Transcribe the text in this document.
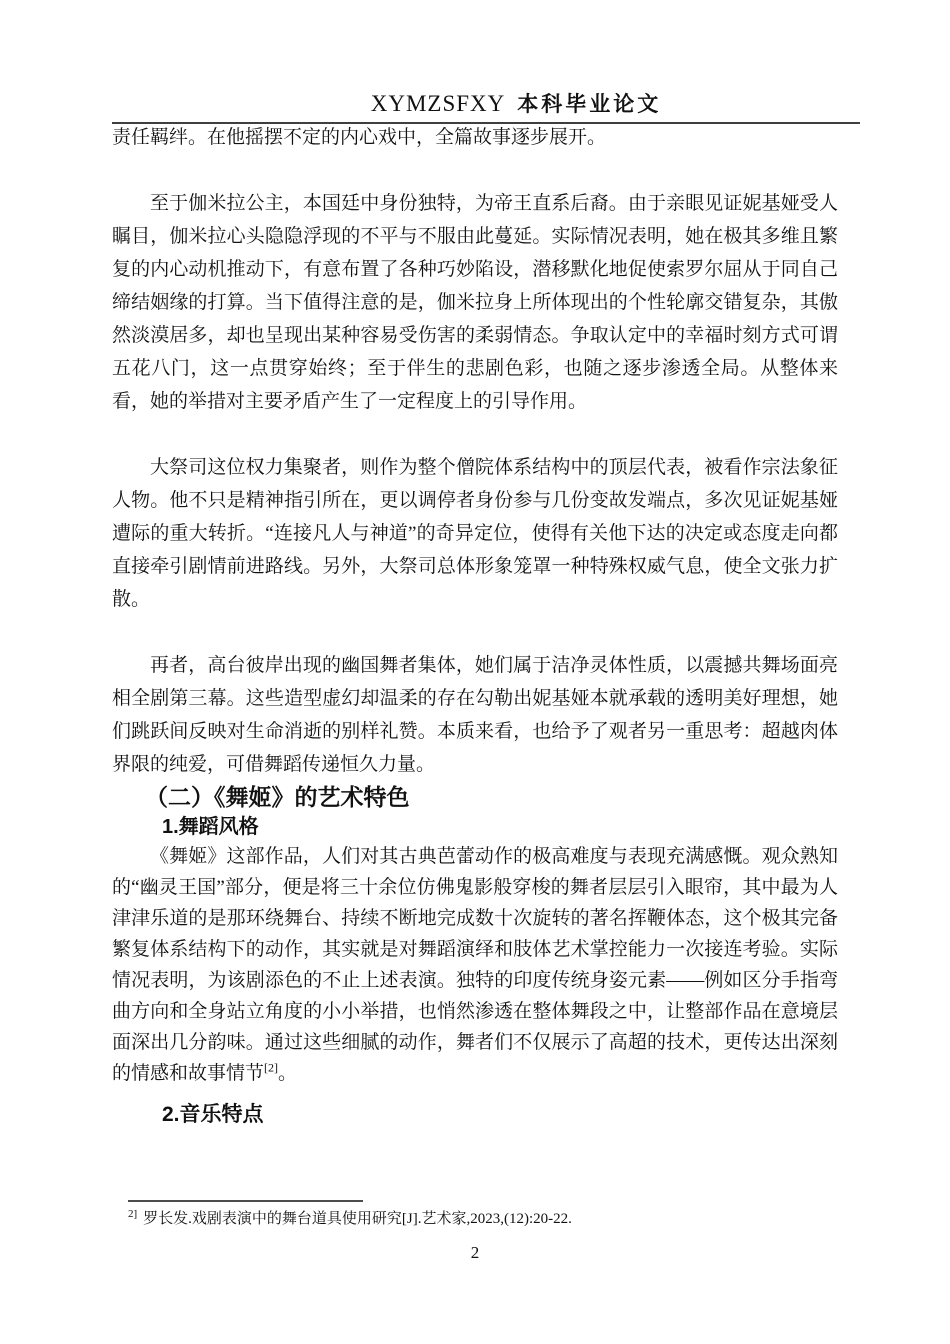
XYMZSFXY 本科毕业论文

责任羁绊。在他摇摆不定的内心戏中，全篇故事逐步展开。

至于伽米拉公主，本国廷中身份独特，为帝王直系后裔。由于亲眼见证妮基娅受人瞩目，伽米拉心头隐隐浮现的不平与不服由此蔓延。实际情况表明，她在极其多维且繁复的内心动机推动下，有意布置了各种巧妙陷设，潜移默化地促使索罗尔屈从于同自己缔结姻缘的打算。当下值得注意的是，伽米拉身上所体现出的个性轮廓交错复杂，其傲然淡漠居多，却也呈现出某种容易受伤害的柔弱情态。争取认定中的幸福时刻方式可谓五花八门，这一点贯穿始终；至于伴生的悲剧色彩，也随之逐步渗透全局。从整体来看，她的举措对主要矛盾产生了一定程度上的引导作用。

大祭司这位权力集聚者，则作为整个僧院体系结构中的顶层代表，被看作宗法象征人物。他不只是精神指引所在，更以调停者身份参与几份变故发端点，多次见证妮基娅遭际的重大转折。“连接凡人与神道”的奇异定位，使得有关他下达的决定或态度走向都直接牵引剧情前进路线。另外，大祭司总体形象笼罩一种特殊权威气息，使全文张力扩散。

再者，高台彼岸出现的幽国舞者集体，她们属于洁净灵体性质，以震撼共舞场面亮相全剧第三幕。这些造型虚幻却温柔的存在勾勒出妮基娅本就承载的透明美好理想，她们跳跃间反映对生命消逝的别样礼赞。本质来看，也给予了观者另一重思考：超越肉体界限的纯爱，可借舞蹈传递恒久力量。

（二）《舞姬》的艺术特色
1.舞蹈风格

《舞姬》这部作品，人们对其古典芭蕾动作的极高难度与表现充满感慨。观众熟知的“幽灵王国”部分，便是将三十余位仿佛鬼影般穿梭的舞者层层引入眼帘，其中最为人津津乐道的是那环绕舞台、持续不断地完成数十次旋转的著名挥鞭体态，这个极其完备繁复体系结构下的动作，其实就是对舞蹈演绎和肢体艺术掌控能力一次接连考验。实际情况表明，为该剧添色的不止上述表演。独特的印度传统身姿元素——例如区分手指弯曲方向和全身站立角度的小小举措，也悄然渗透在整体舞段之中，让整部作品在意境层面深出几分韵味。通过这些细腻的动作，舞者们不仅展示了高超的技术，更传达出深刻的情感和故事情节[2]。

2.音乐特点

$^{2]}$ 罗长发.戏剧表演中的舞台道具使用研究[J].艺术家,2023,(12):20-22.

2
